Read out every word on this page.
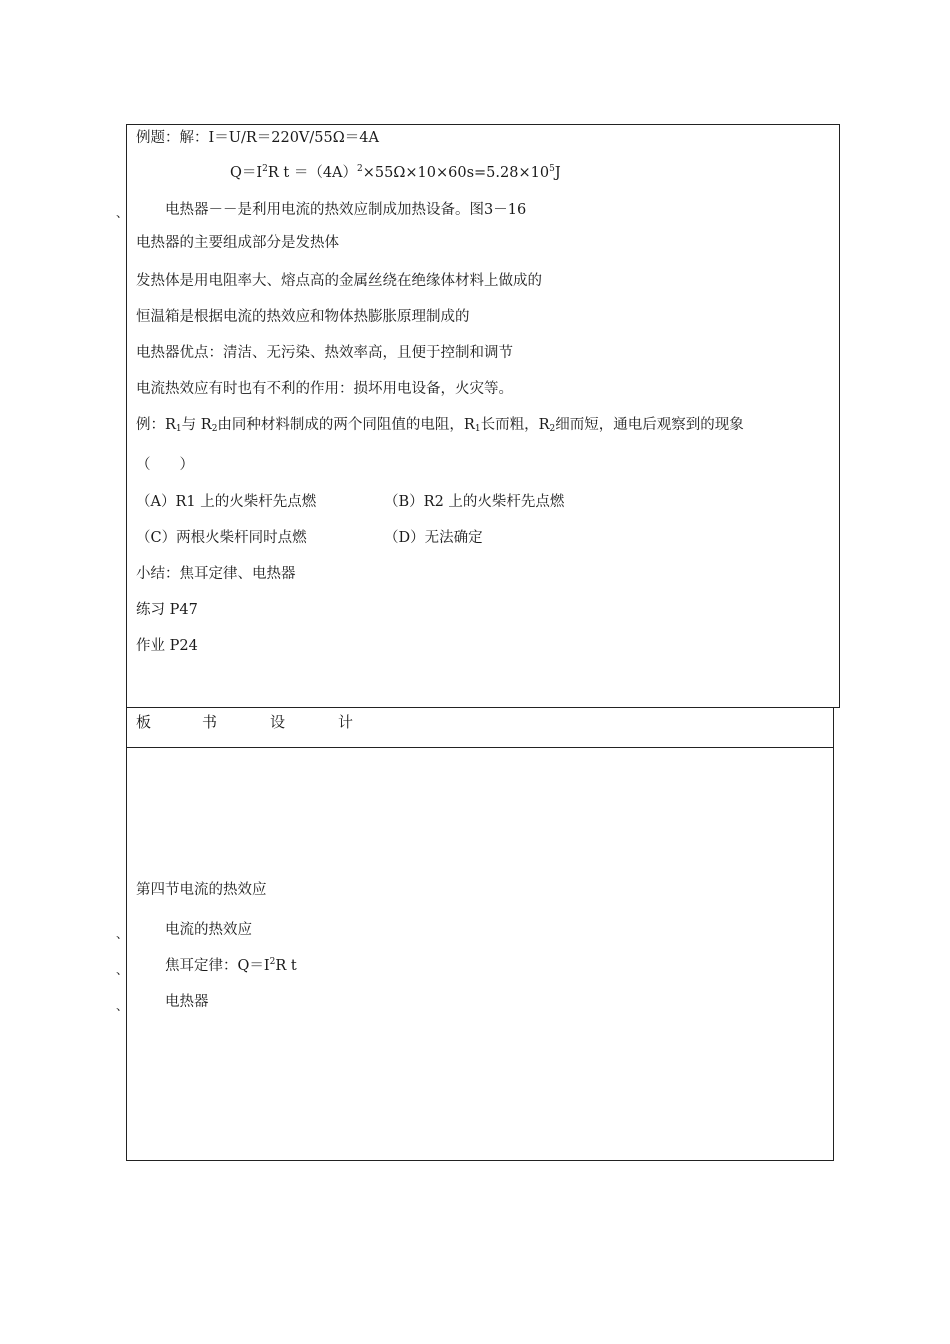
例题：解：I＝U/R＝220V/55Ω＝4A
$Q=I^2R$ $t =(4A)^2\times 55\Omega\times 10\times 60s=5.28\times 10^5J$
、	电热器－－是利用电流的热效应制成加热设备。图3－16
电热器的主要组成部分是发热体
发热体是用电阻率大、熔点高的金属丝绕在绝缘体材料上做成的
恒温箱是根据电流的热效应和物体热膨胀原理制成的
电热器优点：清洁、无污染、热效率高，且便于控制和调节
电流热效应有时也有不利的作用：损坏用电设备，火灾等。
例：$R_1$与 $R_2$由同种材料制成的两个同阻值的电阻，$R_1$长而粗，$R_2$细而短，通电后观察到的现象
（　　）
（A）R1 上的火柴杆先点燃	（B）R2 上的火柴杆先点燃
（C）两根火柴杆同时点燃	（D）无法确定
小结：焦耳定律、电热器
练习 P47
作业 P24
板	书	设	计
第四节电流的热效应
、	电流的热效应
、	焦耳定律：$Q=I^2R$ t
、	电热器
